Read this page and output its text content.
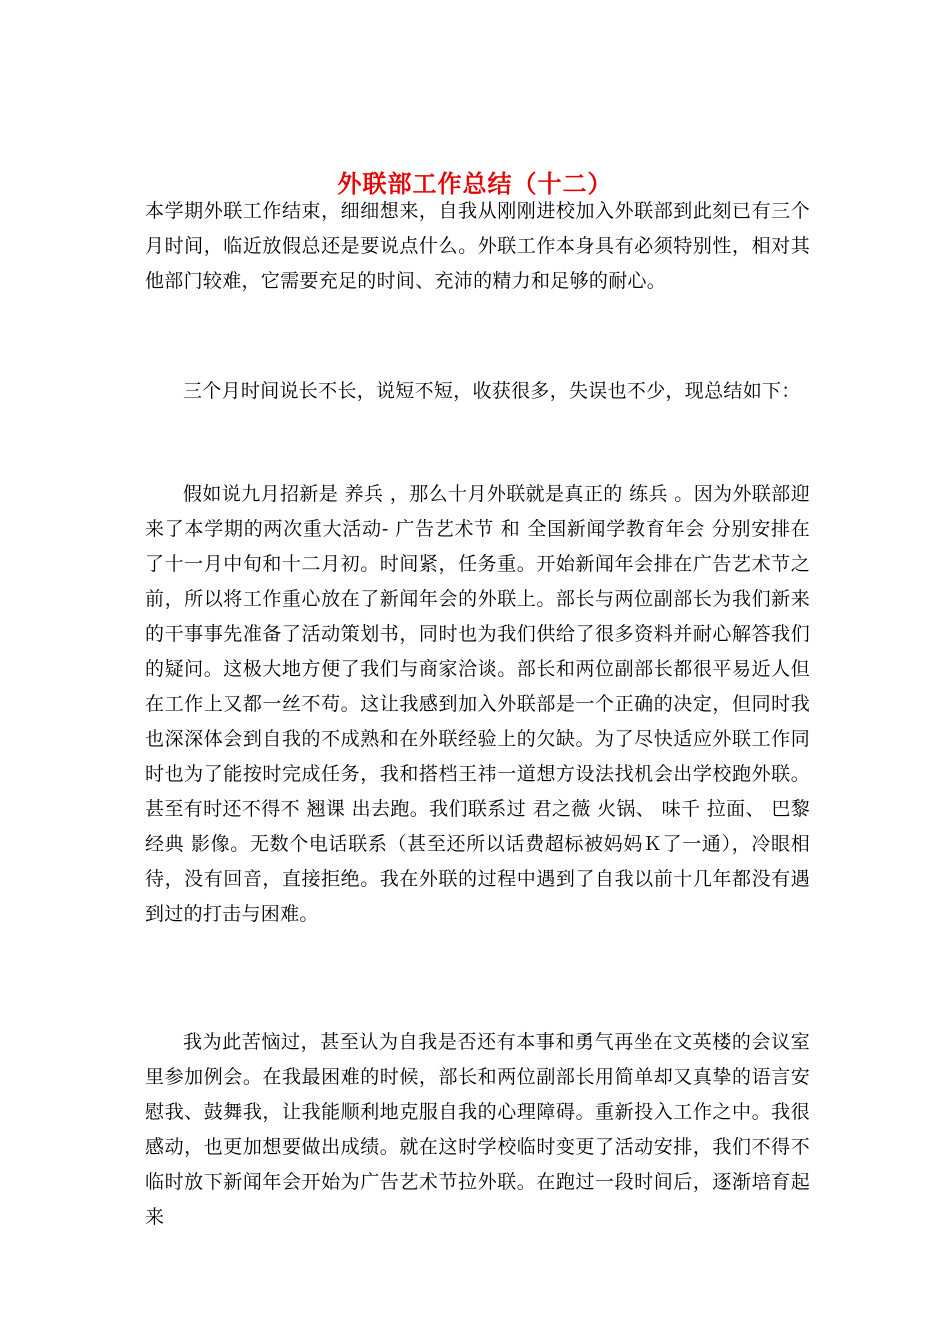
外联部工作总结（十二）

本学期外联工作结束，细细想来，自我从刚刚进校加入外联部到此刻已有三个月时间，临近放假总还是要说点什么。外联工作本身具有必须特别性，相对其他部门较难，它需要充足的时间、充沛的精力和足够的耐心。

三个月时间说长不长，说短不短，收获很多，失误也不少，现总结如下：

假如说九月招新是 养兵 ，那么十月外联就是真正的 练兵 。因为外联部迎来了本学期的两次重大活动- 广告艺术节 和 全国新闻学教育年会 分别安排在了十一月中旬和十二月初。时间紧，任务重。开始新闻年会排在广告艺术节之前，所以将工作重心放在了新闻年会的外联上。部长与两位副部长为我们新来的干事事先准备了活动策划书，同时也为我们供给了很多资料并耐心解答我们的疑问。这极大地方便了我们与商家洽谈。部长和两位副部长都很平易近人但在工作上又都一丝不苟。这让我感到加入外联部是一个正确的决定，但同时我也深深体会到自我的不成熟和在外联经验上的欠缺。为了尽快适应外联工作同时也为了能按时完成任务，我和搭档王祎一道想方设法找机会出学校跑外联。甚至有时还不得不 翘课 出去跑。我们联系过 君之薇 火锅、 味千 拉面、 巴黎经典 影像。无数个电话联系（甚至还所以话费超标被妈妈Ｋ了一通），冷眼相待，没有回音，直接拒绝。我在外联的过程中遇到了自我以前十几年都没有遇到过的打击与困难。

我为此苦恼过，甚至认为自我是否还有本事和勇气再坐在文英楼的会议室里参加例会。在我最困难的时候，部长和两位副部长用简单却又真挚的语言安慰我、鼓舞我，让我能顺利地克服自我的心理障碍。重新投入工作之中。我很感动，也更加想要做出成绩。就在这时学校临时变更了活动安排，我们不得不临时放下新闻年会开始为广告艺术节拉外联。在跑过一段时间后，逐渐培育起来
